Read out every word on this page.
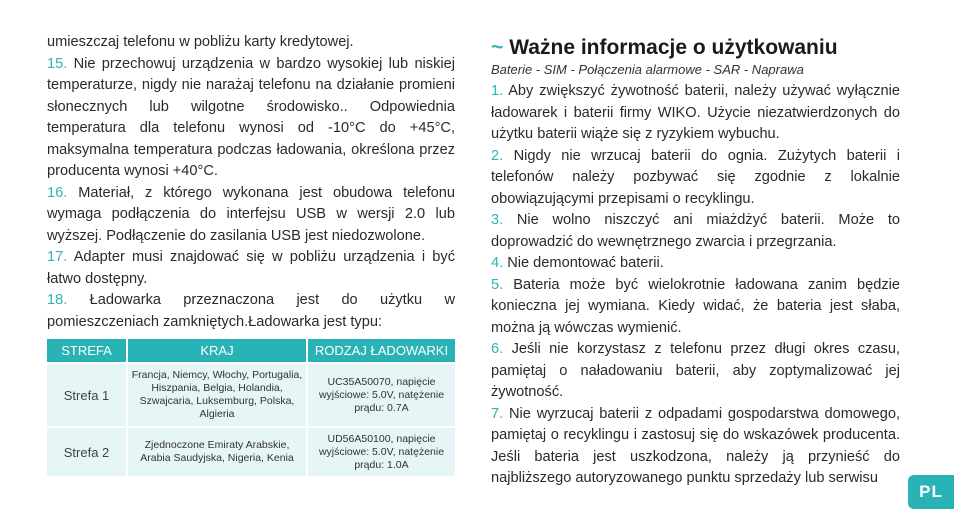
umieszczaj telefonu w pobliżu karty kredytowej.

15. Nie przechowuj urządzenia w bardzo wysokiej lub niskiej temperaturze, nigdy nie narażaj telefonu na działanie promieni słonecznych lub wilgotne środowisko.. Odpowiednia temperatura dla telefonu wynosi od -10°C do +45°C, maksymalna temperatura podczas ładowania, określona przez producenta wynosi +40°C.

16. Materiał, z którego wykonana jest obudowa telefonu wymaga podłączenia do interfejsu USB w wersji 2.0 lub wyższej. Podłączenie do zasilania USB jest niedozwolone.

17. Adapter musi znajdować się w pobliżu urządzenia i być łatwo dostępny.

18. Ładowarka przeznaczona jest do użytku w pomieszczeniach zamkniętych.Ładowarka jest typu:

STREFA	KRAJ	RODZAJ ŁADOWARKI
Strefa 1	Francja, Niemcy, Włochy, Portugalia, Hiszpania, Belgia, Holandia, Szwajcaria, Luksemburg, Polska, Algieria	UC35A50070, napięcie wyjściowe: 5.0V, natężenie prądu: 0.7A
Strefa 2	Zjednoczone Emiraty Arabskie, Arabia Saudyjska, Nigeria, Kenia	UD56A50100, napięcie wyjściowe: 5.0V, natężenie prądu: 1.0A
~ Ważne informacje o użytkowaniu

Baterie - SIM - Połączenia alarmowe - SAR - Naprawa

1. Aby zwiększyć żywotność baterii, należy używać wyłącznie ładowarek i baterii firmy WIKO. Użycie niezatwierdzonych do użytku baterii wiąże się z ryzykiem wybuchu.

2. Nigdy nie wrzucaj baterii do ognia. Zużytych baterii i telefonów należy pozbywać się zgodnie z lokalnie obowiązującymi przepisami o recyklingu.

3. Nie wolno niszczyć ani miażdżyć baterii. Może to doprowadzić do wewnętrznego zwarcia i przegrzania.

4. Nie demontować baterii.

5. Bateria może być wielokrotnie ładowana zanim będzie konieczna jej wymiana. Kiedy widać, że bateria jest słaba, można ją wówczas wymienić.

6. Jeśli nie korzystasz z telefonu przez długi okres czasu, pamiętaj o naładowaniu baterii, aby zoptymalizować jej żywotność.

7. Nie wyrzucaj baterii z odpadami gospodarstwa domowego, pamiętaj o recyklingu i zastosuj się do wskazówek producenta. Jeśli bateria jest uszkodzona, należy ją przynieść do najbliższego autoryzowanego punktu sprzedaży lub serwisu

PL
